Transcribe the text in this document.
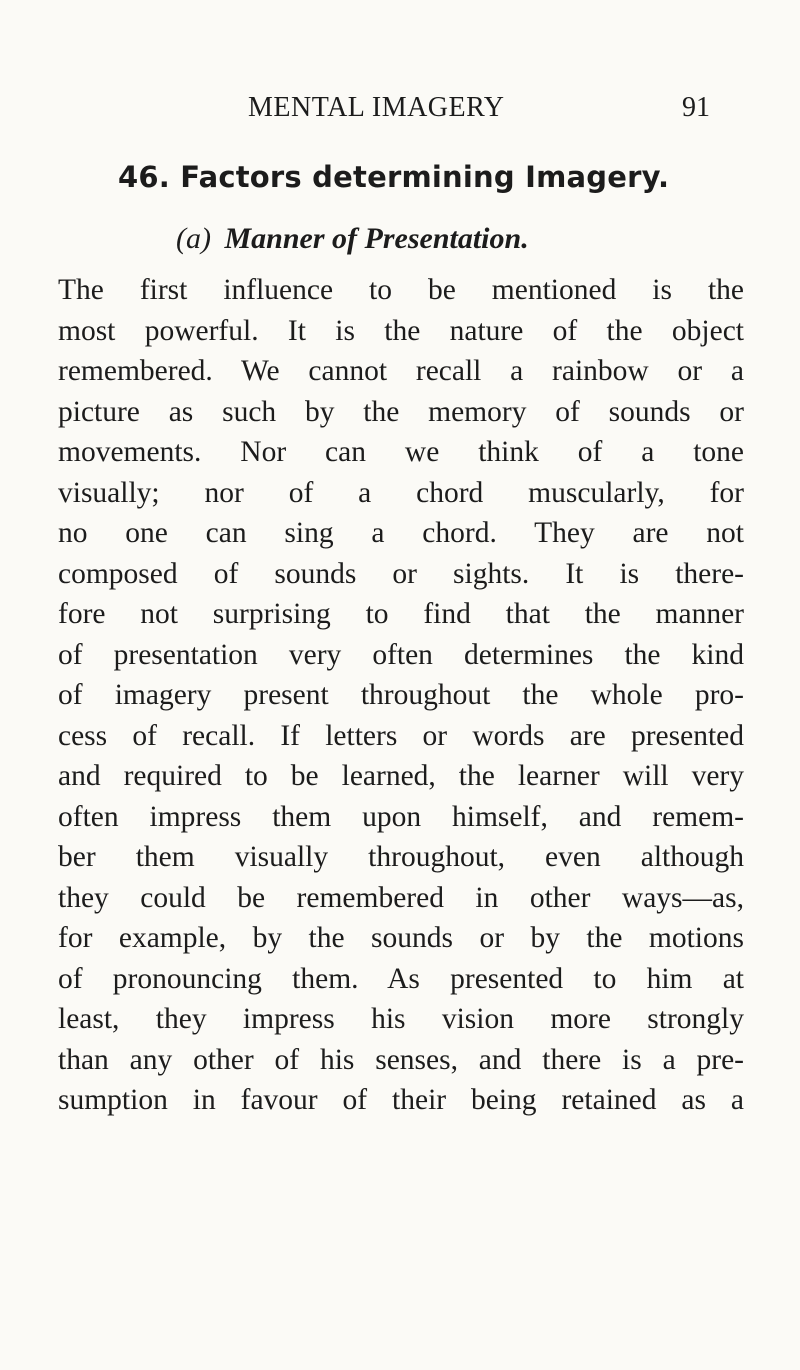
MENTAL IMAGERY	91
46. Factors determining Imagery.
(a) Manner of Presentation.
The first influence to be mentioned is the
most powerful. It is the nature of the object
remembered. We cannot recall a rainbow or a
picture as such by the memory of sounds or
movements. Nor can we think of a tone
visually; nor of a chord muscularly, for
no one can sing a chord. They are not
composed of sounds or sights. It is there-
fore not surprising to find that the manner
of presentation very often determines the kind
of imagery present throughout the whole pro-
cess of recall. If letters or words are presented
and required to be learned, the learner will very
often impress them upon himself, and remem-
ber them visually throughout, even although
they could be remembered in other ways—as,
for example, by the sounds or by the motions
of pronouncing them. As presented to him at
least, they impress his vision more strongly
than any other of his senses, and there is a pre-
sumption in favour of their being retained as a
